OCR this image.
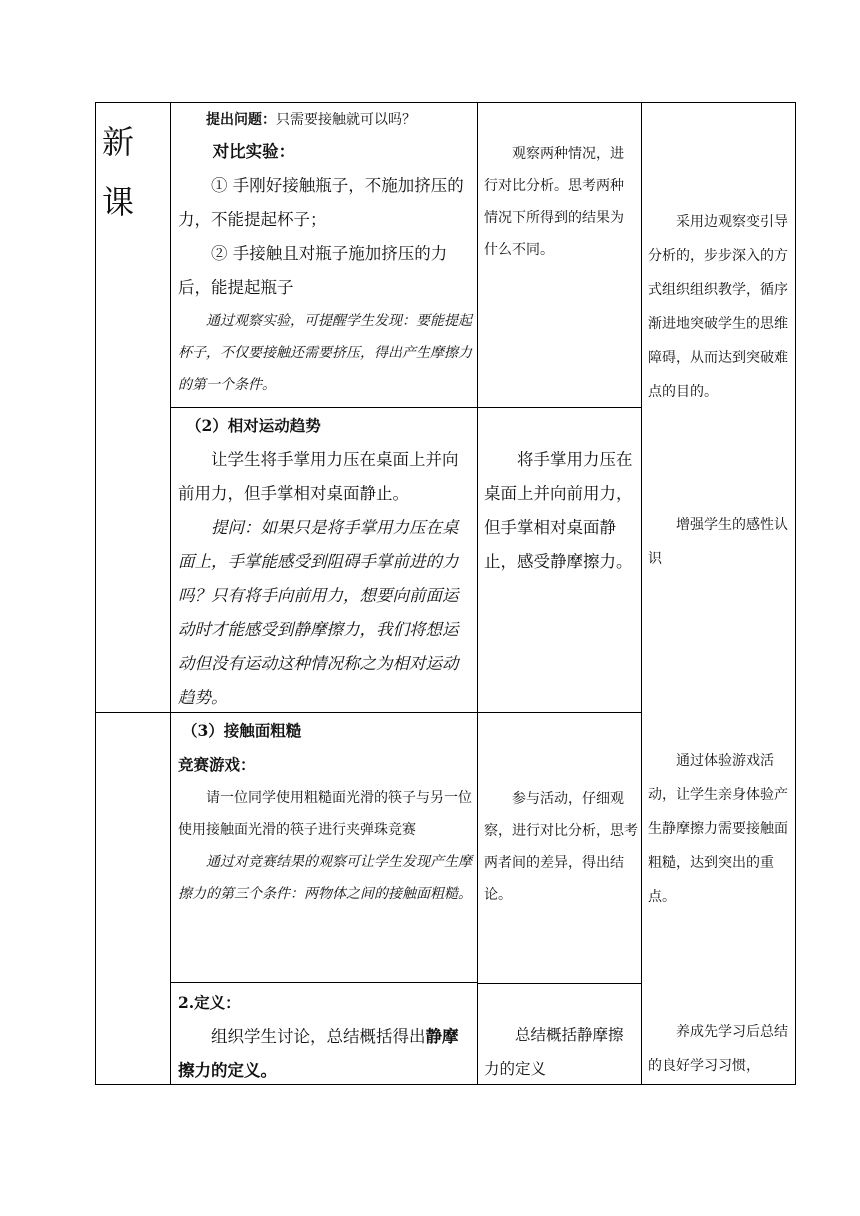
新

课

提出问题：只需要接触就可以吗？

对比实验：

① 手刚好接触瓶子，不施加挤压的力，不能提起杯子；

② 手接触且对瓶子施加挤压的力后，能提起瓶子

通过观察实验，可提醒学生发现：要能提起杯子，不仅要接触还需要挤压，得出产生摩擦力的第一个条件。

观察两种情况，进行对比分析。思考两种情况下所得到的结果为什么不同。

（2）相对运动趋势

让学生将手掌用力压在桌面上并向前用力，但手掌相对桌面静止。

提问：如果只是将手掌用力压在桌面上，手掌能感受到阻碍手掌前进的力吗？只有将手向前用力，想要向前面运动时才能感受到静摩擦力，我们将想运动但没有运动这种情况称之为相对运动趋势。

将手掌用力压在桌面上并向前用力，但手掌相对桌面静止，感受静摩擦力。

（3）接触面粗糙

竞赛游戏：

请一位同学使用粗糙面光滑的筷子与另一位使用接触面光滑的筷子进行夹弹珠竞赛

通过对竞赛结果的观察可让学生发现产生摩擦力的第三个条件：两物体之间的接触面粗糙。

参与活动，仔细观察，进行对比分析，思考两者间的差异，得出结论。

2.定义：

组织学生讨论，总结概括得出静摩擦力的定义。

总结概括静摩擦力的定义

采用边观察变引导分析的，步步深入的方式组织组织教学，循序渐进地突破学生的思维障碍，从而达到突破难点的目的。

增强学生的感性认识

通过体验游戏活动，让学生亲身体验产生静摩擦力需要接触面粗糙，达到突出的重点。

养成先学习后总结的良好学习习惯，
